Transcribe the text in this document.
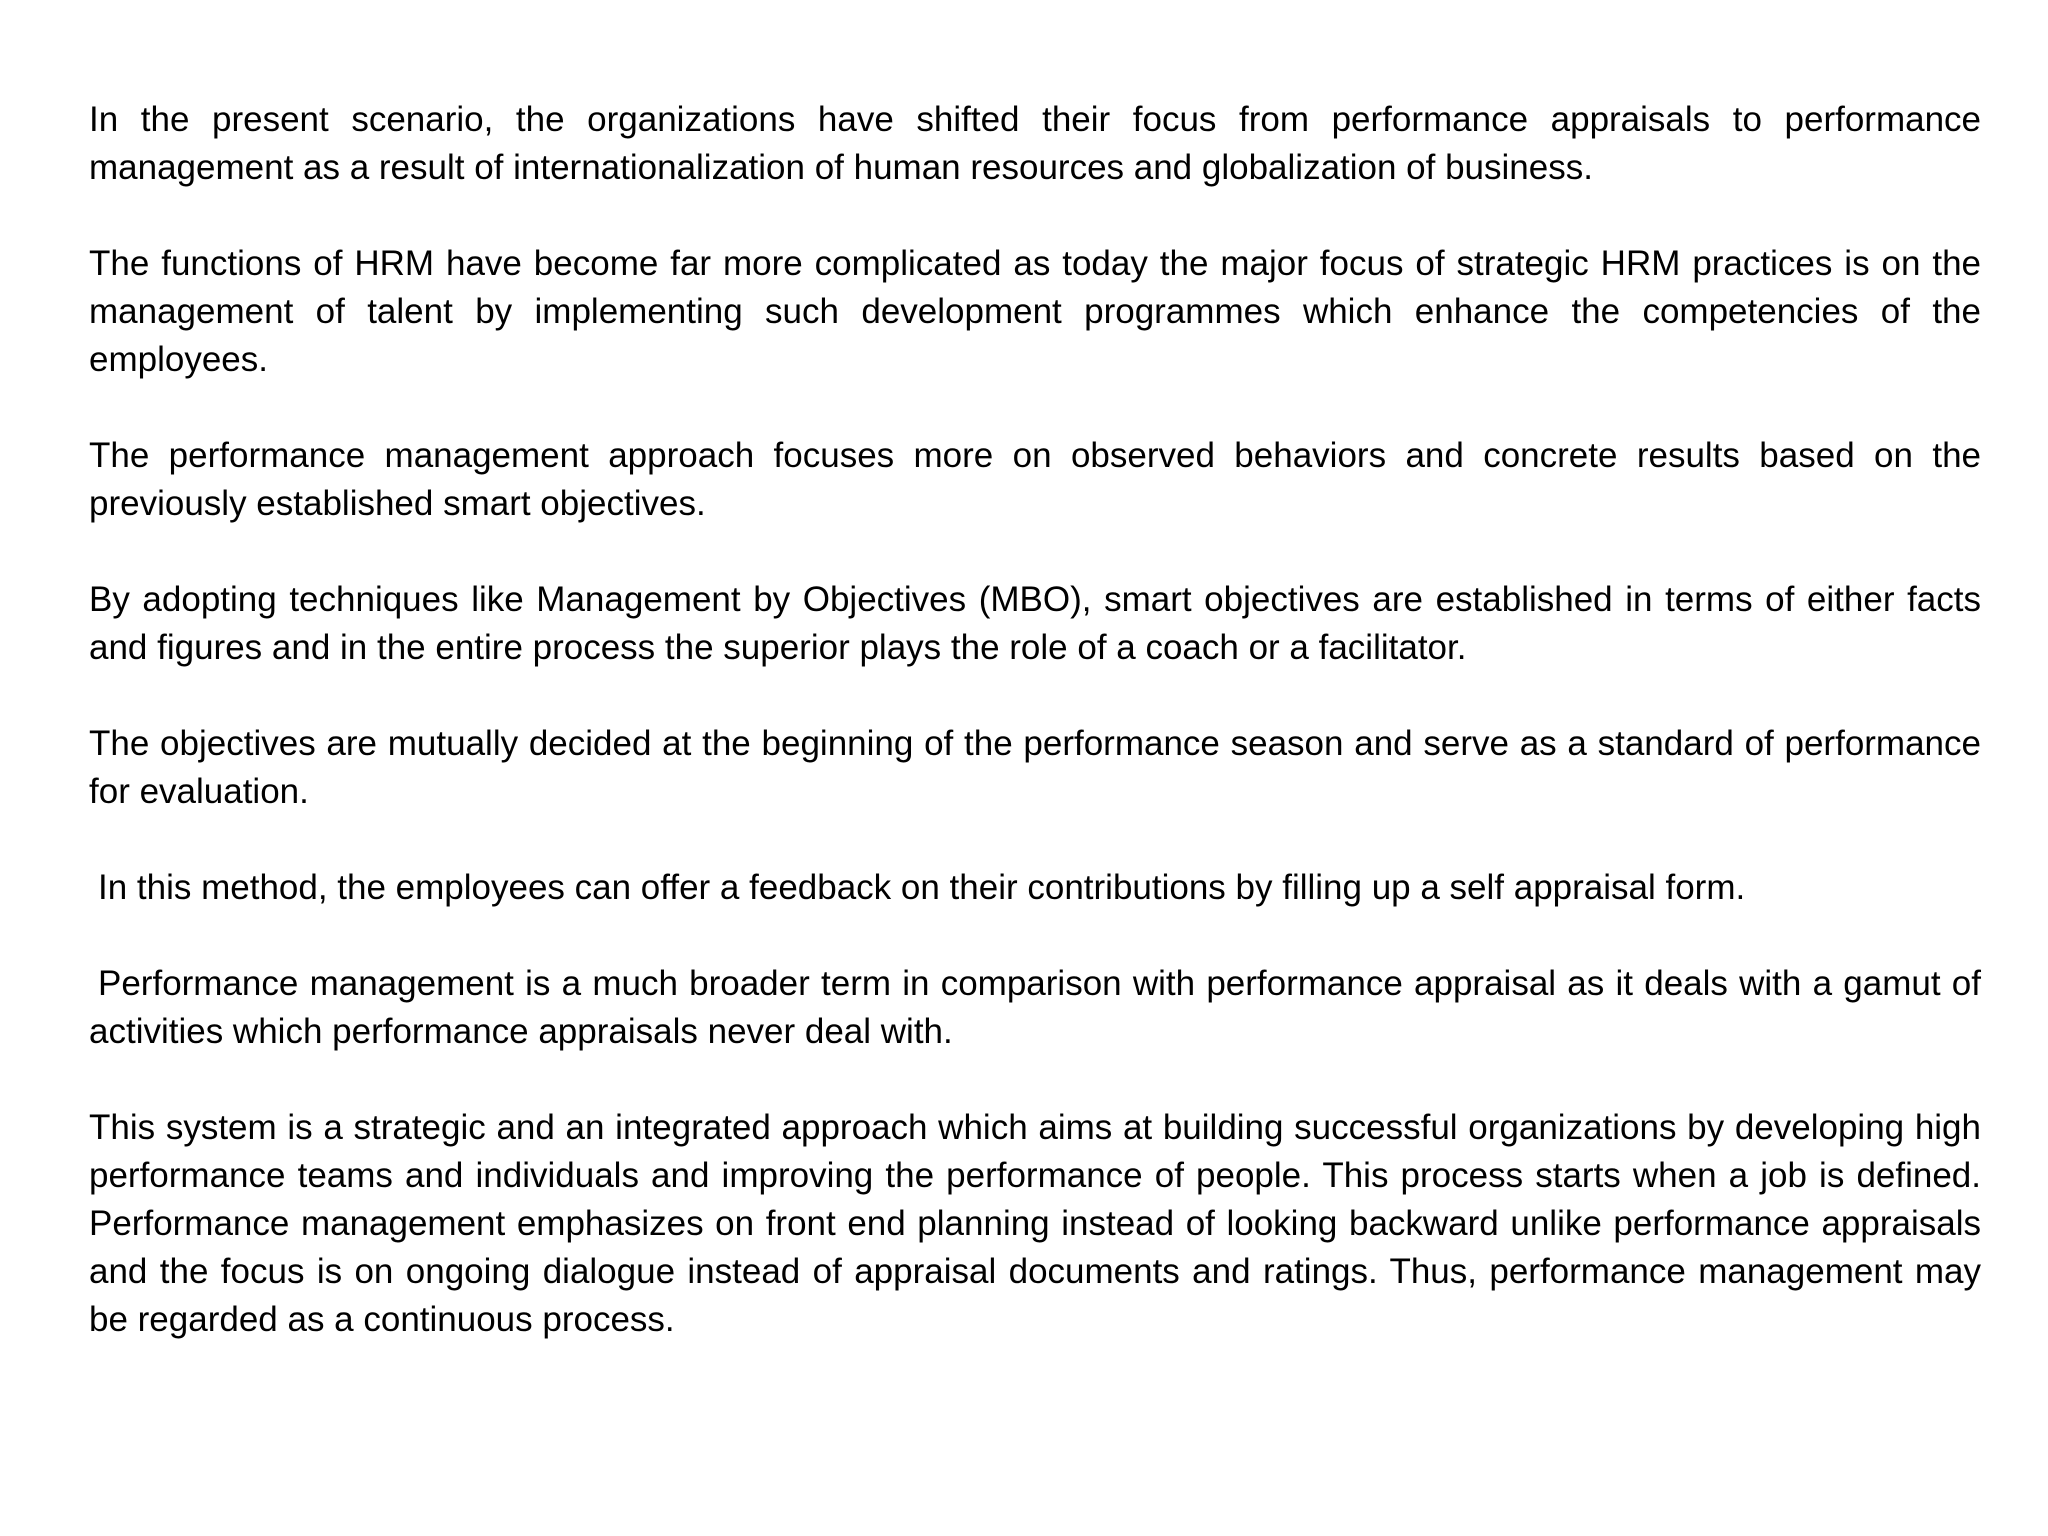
In the present scenario, the organizations have shifted their focus from performance appraisals to performance management as a result of internationalization of human resources and globalization of business.

The functions of HRM have become far more complicated as today the major focus of strategic HRM practices is on the management of talent by implementing such development programmes which enhance the competencies of the employees.

The performance management approach focuses more on observed behaviors and concrete results based on the previously established smart objectives.

By adopting techniques like Management by Objectives (MBO), smart objectives are established in terms of either facts and figures and in the entire process the superior plays the role of a coach or a facilitator.

The objectives are mutually decided at the beginning of the performance season and serve as a standard of performance for evaluation.

In this method, the employees can offer a feedback on their contributions by filling up a self appraisal form.

Performance management is a much broader term in comparison with performance appraisal as it deals with a gamut of activities which performance appraisals never deal with.

This system is a strategic and an integrated approach which aims at building successful organizations by developing high performance teams and individuals and improving the performance of people. This process starts when a job is defined. Performance management emphasizes on front end planning instead of looking backward unlike performance appraisals and the focus is on ongoing dialogue instead of appraisal documents and ratings. Thus, performance management may be regarded as a continuous process.
